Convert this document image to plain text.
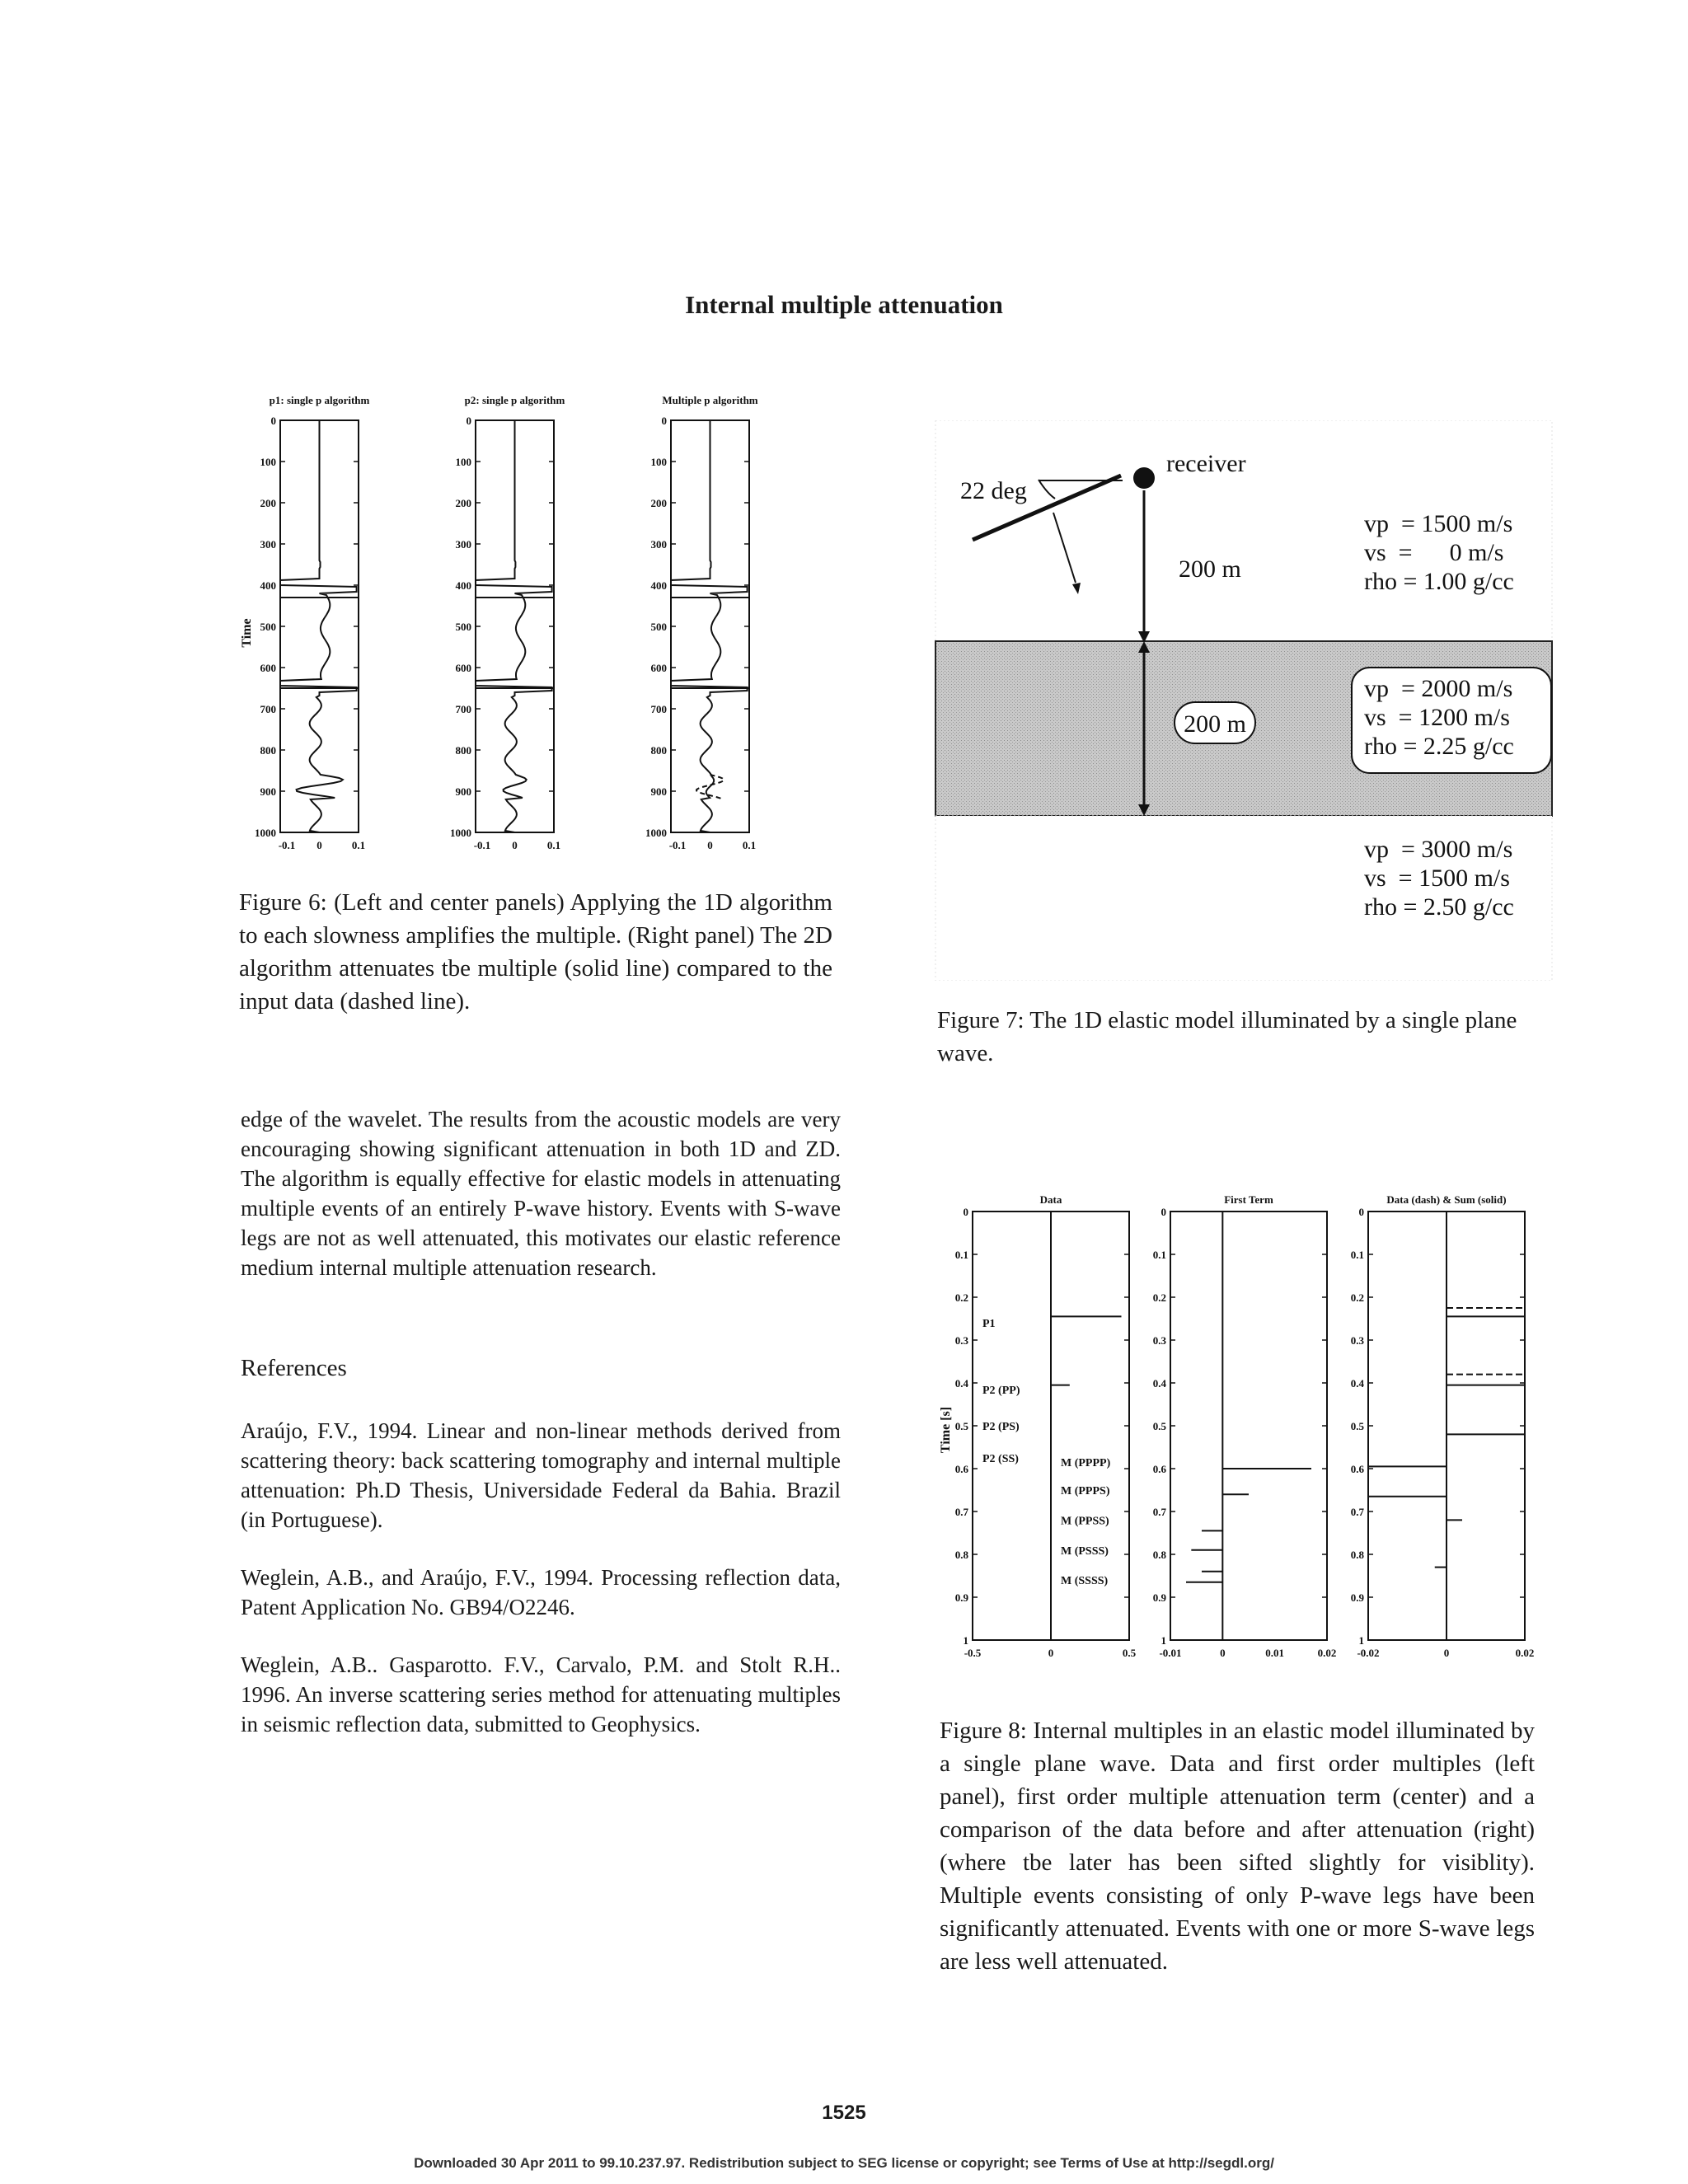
Internal multiple attenuation
Time
p1: single p algorithm
0
100
200
300
400
500
600
700
800
900
1000
-0.1 0	0.1
p2: single p algorithm
0
100
200
300
400
500
600
700
800
900
1000
-0.1 0	0.1
Multiple p algorithm
0
100
200
300
400
500
600
700
800
900
1000
-0.1 0	0.1
Figure 6: (Left and center panels) Applying the 1D algorithm to each slowness amplifies the multiple. (Right panel) The 2D algorithm attenuates tbe multiple (solid line) compared to the input data (dashed line).
22 deg
receiver
200 m
200 m
vp  = 1500 m/s
vs  =      0 m/s
rho = 1.00 g/cc
vp  = 2000 m/s
vs  = 1200 m/s
rho = 2.25 g/cc
vp  = 3000 m/s
vs  = 1500 m/s
rho = 2.50 g/cc
Figure 7: The 1D elastic model illuminated by a single plane wave.
edge of the wavelet. The results from the acoustic models are very encouraging showing significant attenuation in both 1D and ZD. The algorithm is equally effective for elastic models in attenuating multiple events of an entirely P-wave history. Events with S-wave legs are not as well attenuated, this motivates our elastic reference medium internal multiple attenuation research.
References
Araújo, F.V., 1994. Linear and non-linear methods derived from scattering theory: back scattering tomography and internal multiple attenuation: Ph.D Thesis, Universidade Federal da Bahia. Brazil (in Portuguese).
Weglein, A.B., and Araújo, F.V., 1994. Processing reflection data, Patent Application No. GB94/O2246.
Weglein, A.B.. Gasparotto. F.V., Carvalo, P.M. and Stolt R.H.. 1996. An inverse scattering series method for attenuating multiples in seismic reflection data, submitted to Geophysics.
Time [s]
Data
0
0.1
0.2
0.3
0.4
0.5
0.6
0.7
0.8
0.9
1
-0.5	0	0.5
First Term
0
0.1
0.2
0.3
0.4
0.5
0.6
0.7
0.8
0.9
1
-0.01	0	0.01	0.02
Data (dash) & Sum (solid)
0
0.1
0.2
0.3
0.4
0.5
0.6
0.7
0.8
0.9
1
-0.02	0	0.02
P1
P2 (PP)
P2 (PS)
P2 (SS)	M (PPPP)
M (PPPS)
M (PPSS)
M (PSSS)
M (SSSS)
Figure 8: Internal multiples in an elastic model illuminated by a single plane wave. Data and first order multiples (left panel), first order multiple attenuation term (center) and a comparison of the data before and after attenuation (right) (where tbe later has been sifted slightly for visiblity). Multiple events consisting of only P-wave legs have been significantly attenuated. Events with one or more S-wave legs are less well attenuated.
1525
Downloaded 30 Apr 2011 to 99.10.237.97. Redistribution subject to SEG license or copyright; see Terms of Use at http://segdl.org/
